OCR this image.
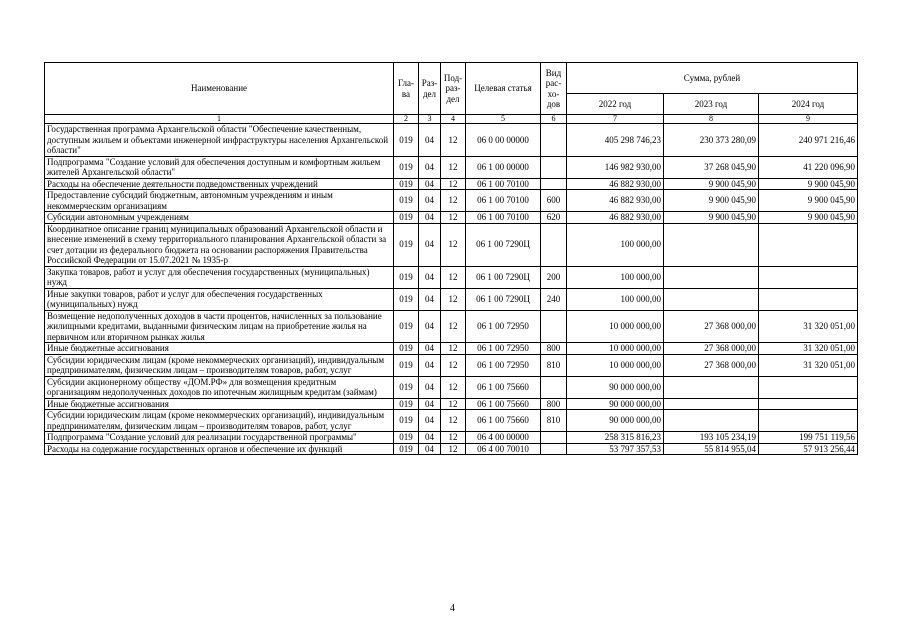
Наименование	Гла-ва	Раз-дел	Под-раз-дел	Целевая статья	Вид рас-хо-дов	Сумма, рублей		
						2022 год	2023 год	2024 год
1	2	3	4	5	6	7	8	9
Государственная программа Архангельской области "Обеспечение качественным, доступным жильем и объектами инженерной инфраструктуры населения Архангельской области"	019	04	12	06 0 00 00000		405 298 746,23	230 373 280,09	240 971 216,46
Подпрограмма "Создание условий для обеспечения доступным и комфортным жильем жителей Архангельской области"	019	04	12	06 1 00 00000		146 982 930,00	37 268 045,90	41 220 096,90
Расходы на обеспечение деятельности подведомственных учреждений	019	04	12	06 1 00 70100		46 882 930,00	9 900 045,90	9 900 045,90
Предоставление субсидий бюджетным, автономным учреждениям и иным некоммерческим организациям	019	04	12	06 1 00 70100	600	46 882 930,00	9 900 045,90	9 900 045,90
Субсидии автономным учреждениям	019	04	12	06 1 00 70100	620	46 882 930,00	9 900 045,90	9 900 045,90
Координатное описание границ муниципальных образований Архангельской области и внесение изменений в схему территориального планирования Архангельской области за счет дотации из федерального бюджета на основании распоряжения Правительства Российской Федерации от 15.07.2021 № 1935-р	019	04	12	06 1 00 7290Ц		100 000,00		
Закупка товаров, работ и услуг для обеспечения государственных (муниципальных) нужд	019	04	12	06 1 00 7290Ц	200	100 000,00		
Иные закупки товаров, работ и услуг для обеспечения государственных (муниципальных) нужд	019	04	12	06 1 00 7290Ц	240	100 000,00		
Возмещение недополученных доходов в части процентов, начисленных за пользование жилищными кредитами, выданными физическим лицам на приобретение жилья на первичном или вторичном рынках жилья	019	04	12	06 1 00 72950		10 000 000,00	27 368 000,00	31 320 051,00
Иные бюджетные ассигнования	019	04	12	06 1 00 72950	800	10 000 000,00	27 368 000,00	31 320 051,00
Субсидии юридическим лицам (кроме некоммерческих организаций), индивидуальным предпринимателям, физическим лицам – производителям товаров, работ, услуг	019	04	12	06 1 00 72950	810	10 000 000,00	27 368 000,00	31 320 051,00
Субсидии акционерному обществу «ДОМ.РФ» для возмещения кредитным организациям недополученных доходов по ипотечным жилищным кредитам (займам)	019	04	12	06 1 00 75660		90 000 000,00		
Иные бюджетные ассигнования	019	04	12	06 1 00 75660	800	90 000 000,00		
Субсидии юридическим лицам (кроме некоммерческих организаций), индивидуальным предпринимателям, физическим лицам – производителям товаров, работ, услуг	019	04	12	06 1 00 75660	810	90 000 000,00		
Подпрограмма "Создание условий для реализации государственной программы"	019	04	12	06 4 00 00000		258 315 816,23	193 105 234,19	199 751 119,56
Расходы на содержание государственных органов и обеспечение их функций	019	04	12	06 4 00 70010		53 797 357,53	55 814 955,04	57 913 256,44
4
